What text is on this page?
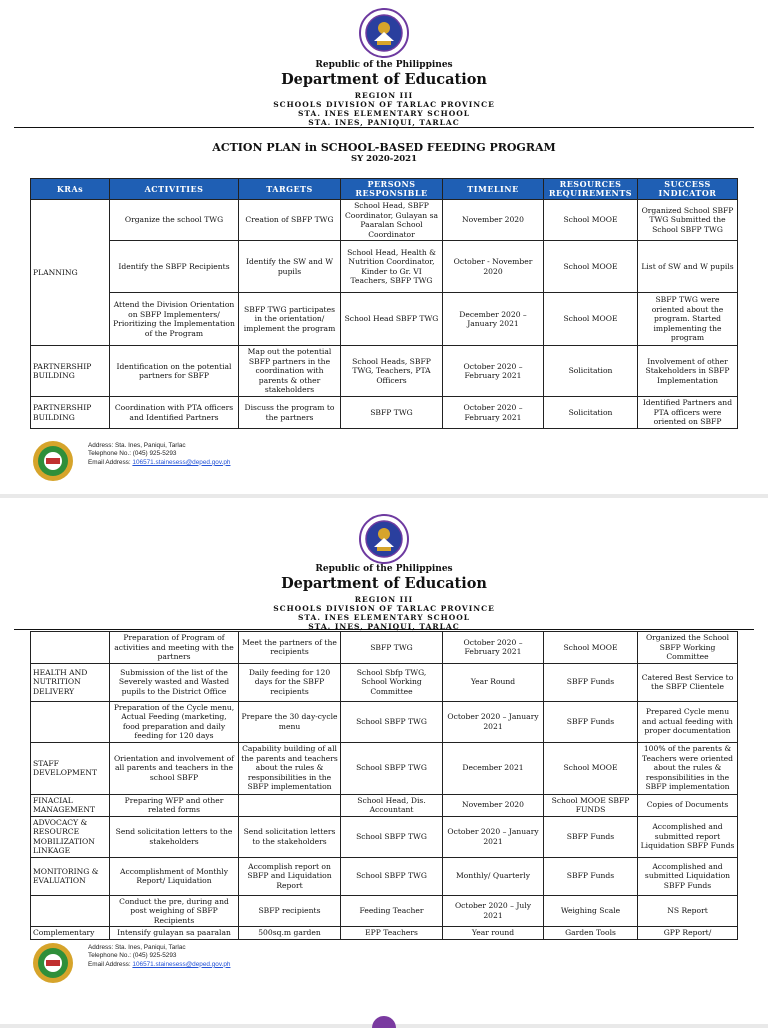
Republic of the Philippines
Department of Education
REGION III
SCHOOLS DIVISION OF TARLAC PROVINCE
STA. INES ELEMENTARY SCHOOL
STA. INES, PANIQUI, TARLAC
ACTION PLAN in SCHOOL-BASED FEEDING PROGRAM
SY 2020-2021
KRAs	ACTIVITIES	TARGETS	PERSONS RESPONSIBLE	TIMELINE	RESOURCES REQUIREMENTS	SUCCESS INDICATOR
PLANNING	Organize the school TWG	Creation of SBFP TWG	School Head, SBFP Coordinator, Gulayan sa Paaralan School Coordinator	November 2020	School MOOE	Organized School SBFP TWG Submitted the School SBFP TWG
	Identify the SBFP Recipients	Identify the SW and W pupils	School Head, Health & Nutrition Coordinator, Kinder to Gr. VI Teachers, SBFP TWG	October - November 2020	School MOOE	List of SW and W pupils
	Attend the Division Orientation on SBFP Implementers/ Prioritizing the Implementation of the Program	SBFP TWG participates in the orientation/ implement the program	School Head SBFP TWG	December 2020 – January 2021	School MOOE	SBFP TWG were oriented about the program. Started implementing the program
PARTNERSHIP BUILDING	Identification on the potential partners for SBFP	Map out the potential SBFP partners in the coordination with parents & other stakeholders	School Heads, SBFP TWG, Teachers, PTA Officers	October 2020 – February 2021	Solicitation	Involvement of other Stakeholders in SBFP Implementation
PARTNERSHIP BUILDING	Coordination with PTA officers and Identified Partners	Discuss the program to the partners	SBFP TWG	October 2020 – February 2021	Solicitation	Identified Partners and PTA officers were oriented on SBFP
Address: Sta. Ines, Paniqui, Tarlac
Telephone No.: (045) 925-5293
Email Address: 106571.stainesess@deped.gov.ph
Republic of the Philippines
Department of Education
REGION III
SCHOOLS DIVISION OF TARLAC PROVINCE
STA. INES ELEMENTARY SCHOOL
STA. INES, PANIQUI, TARLAC
	Preparation of Program of activities and meeting with the partners	Meet the partners of the recipients	SBFP TWG	October 2020 – February 2021	School MOOE	Organized the School SBFP Working Committee
HEALTH AND NUTRITION DELIVERY	Submission of the list of the Severely wasted and Wasted pupils to the District Office	Daily feeding for 120 days for the SBFP recipients	School Sbfp TWG, School Working Committee	Year Round	SBFP Funds	Catered Best Service to the SBFP Clientele
	Preparation of the Cycle menu, Actual Feeding (marketing, food preparation and daily feeding for 120 days	Prepare the 30 day-cycle menu	School SBFP TWG	October 2020 – January 2021	SBFP Funds	Prepared Cycle menu and actual feeding with proper documentation
STAFF DEVELOPMENT	Orientation and involvement of all parents and teachers in the school SBFP	Capability building of all the parents and teachers about the rules & responsibilities in the SBFP implementation	School SBFP TWG	December 2021	School MOOE	100% of the parents & Teachers were oriented about the rules & responsibilities in the SBFP implementation
FINACIAL MANAGEMENT	Preparing WFP and other related forms		School Head, Dis. Accountant	November 2020	School MOOE SBFP FUNDS	Copies of Documents
ADVOCACY & RESOURCE MOBILIZATION LINKAGE	Send solicitation letters to the stakeholders	Send solicitation letters to the stakeholders	School SBFP TWG	October 2020 – January 2021	SBFP Funds	Accomplished and submitted report Liquidation SBFP Funds
MONITORING & EVALUATION	Accomplishment of Monthly Report/ Liquidation	Accomplish report on SBFP and Liquidation Report	School SBFP TWG	Monthly/ Quarterly	SBFP Funds	Accomplished and submitted Liquidation SBFP Funds
	Conduct the pre, during and post weighing of SBFP Recipients	SBFP recipients	Feeding Teacher	October 2020 – July 2021	Weighing Scale	NS Report
Complementary	Intensify gulayan sa paaralan	500sq.m garden	EPP Teachers	Year round	Garden Tools	GPP Report/
Address: Sta. Ines, Paniqui, Tarlac
Telephone No.: (045) 925-5293
Email Address: 106571.stainesess@deped.gov.ph
